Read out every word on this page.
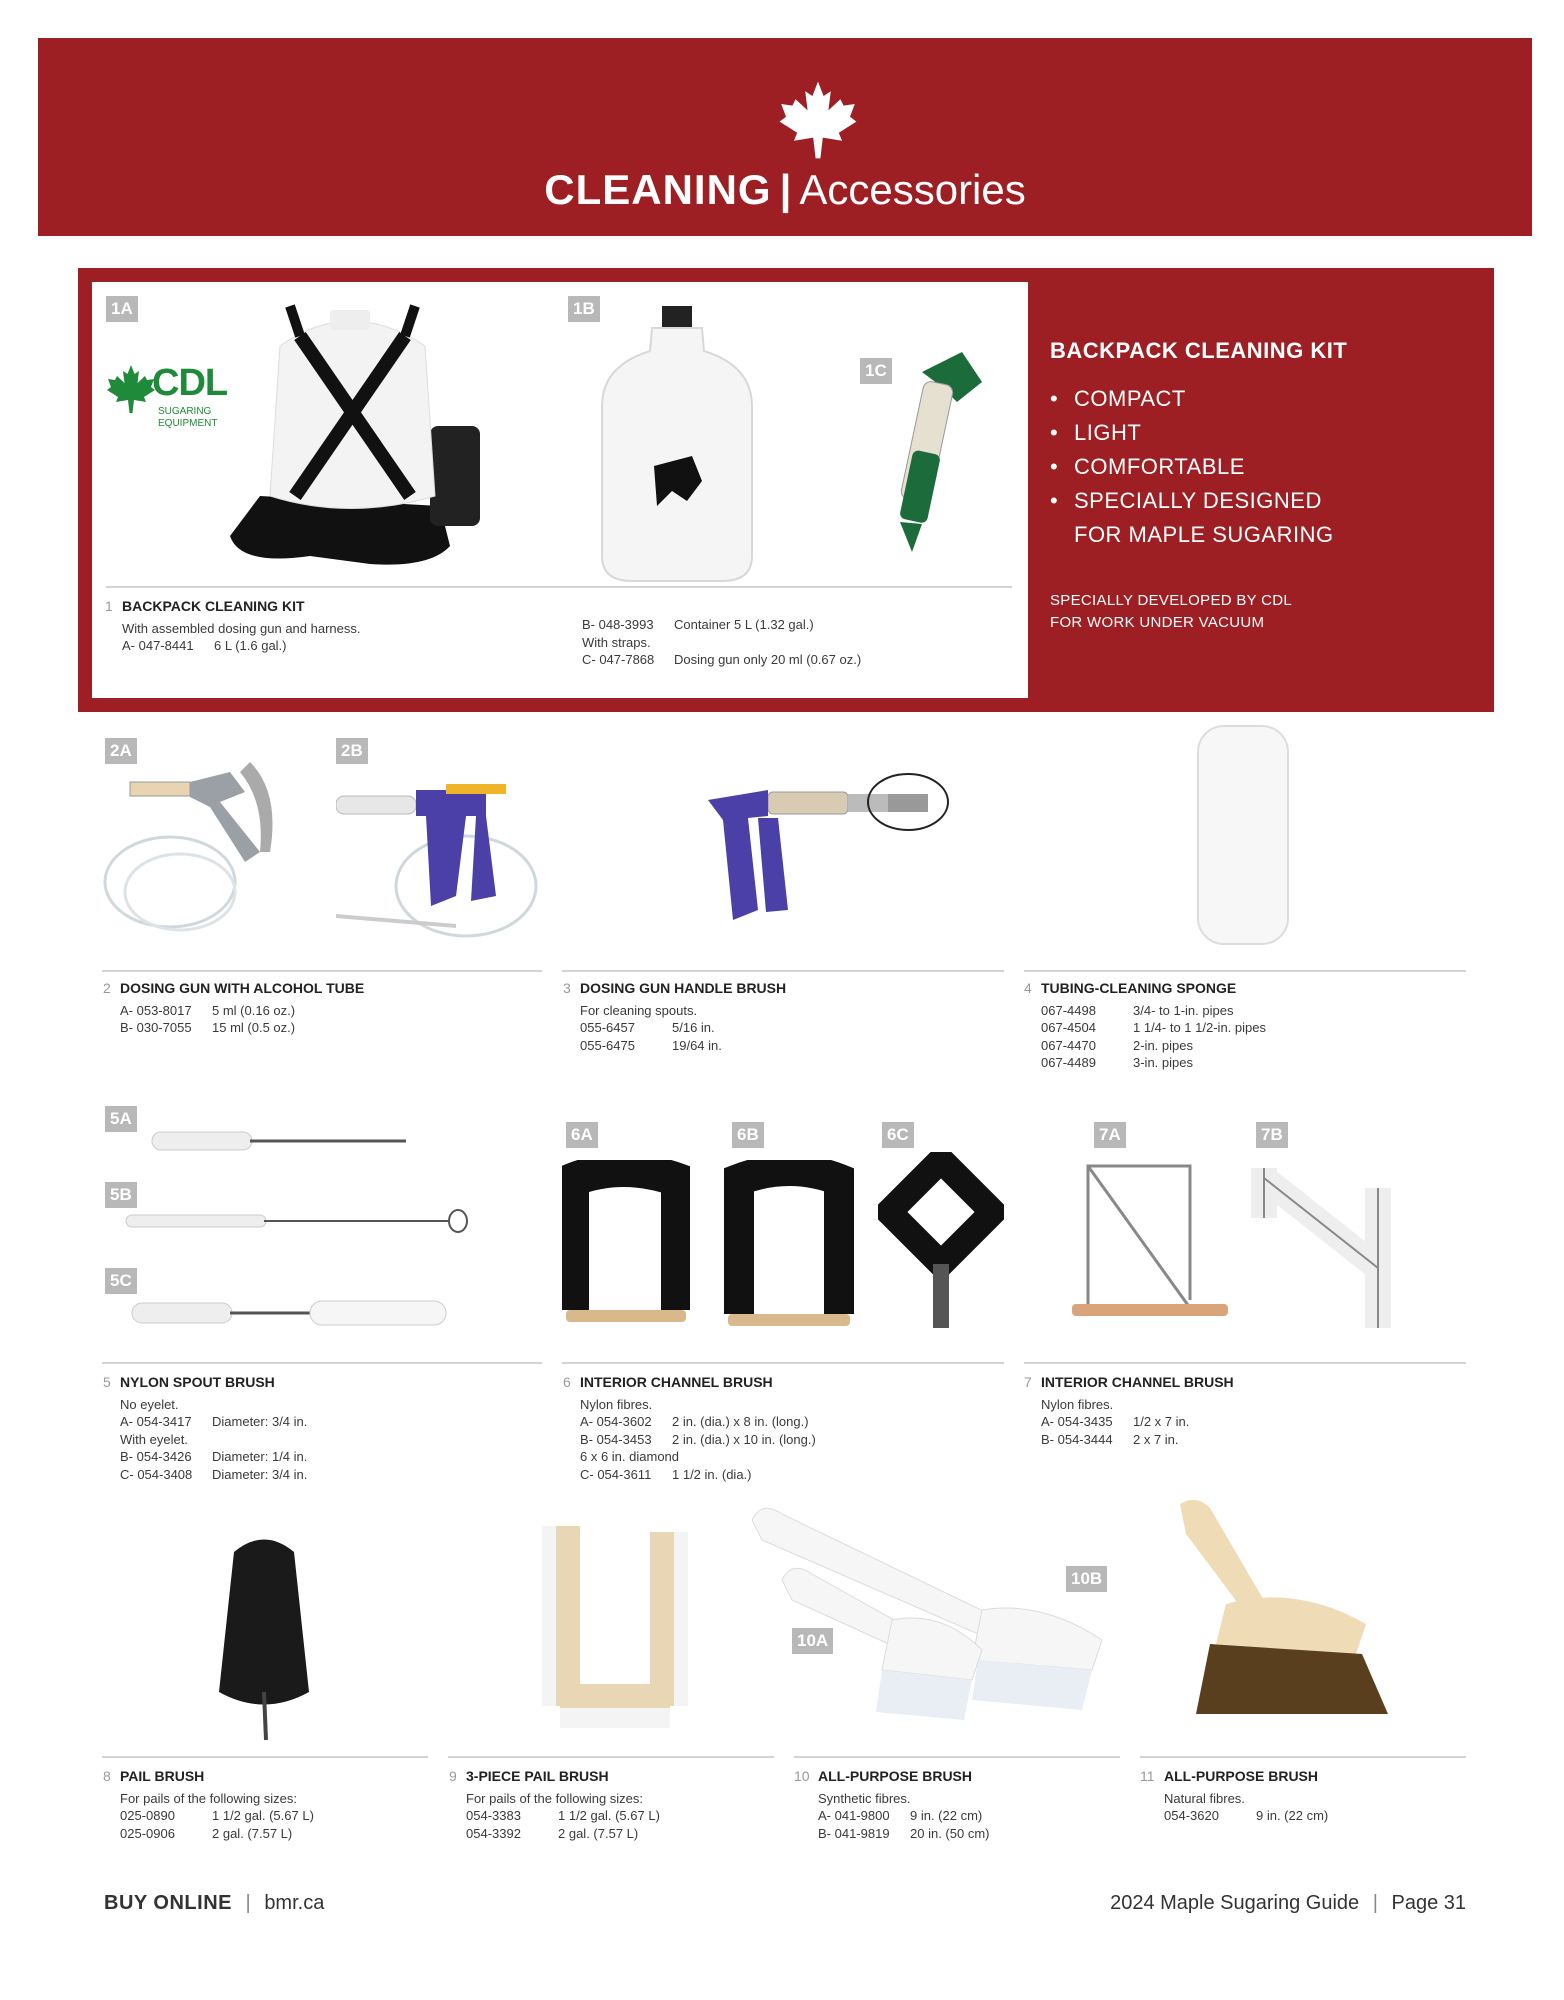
CLEANING | Accessories
1A	1B
1C
CDL
SUGARING
EQUIPMENT
1 BACKPACK CLEANING KIT
With assembled dosing gun and harness.
A- 047-8441 6 L (1.6 gal.)
B- 048-3993 Container 5 L (1.32 gal.)
With straps.
C- 047-7868 Dosing gun only 20 ml (0.67 oz.)
BACKPACK CLEANING KIT
• COMPACT
• LIGHT
• COMFORTABLE
• SPECIALLY DESIGNED
FOR MAPLE SUGARING
SPECIALLY DEVELOPED BY CDL
FOR WORK UNDER VACUUM
2A	2B
2 DOSING GUN WITH ALCOHOL TUBE
A- 053-8017 5 ml (0.16 oz.)
B- 030-7055 15 ml (0.5 oz.)
3 DOSING GUN HANDLE BRUSH
For cleaning spouts.
055-6457	5/16 in.
055-6475	19/64 in.
4 TUBING-CLEANING SPONGE
067-4498	3/4- to 1-in. pipes
067-4504	1 1/4- to 1 1/2-in. pipes
067-4470	2-in. pipes
067-4489	3-in. pipes
5A
5B
5C
6A	6B	6C	7A	7B
5 NYLON SPOUT BRUSH
No eyelet.
A- 054-3417 Diameter: 3/4 in.
With eyelet.
B- 054-3426 Diameter: 1/4 in.
C- 054-3408 Diameter: 3/4 in.
6 INTERIOR CHANNEL BRUSH
Nylon fibres.
A- 054-3602 2 in. (dia.) x 8 in. (long.)
B- 054-3453 2 in. (dia.) x 10 in. (long.)
6 x 6 in. diamond
C- 054-3611 1 1/2 in. (dia.)
7 INTERIOR CHANNEL BRUSH
Nylon fibres.
A- 054-3435 1/2 x 7 in.
B- 054-3444 2 x 7 in.
10B
10A
8 PAIL BRUSH
For pails of the following sizes:
025-0890	1 1/2 gal. (5.67 L)
025-0906	2 gal. (7.57 L)
9 3-PIECE PAIL BRUSH
For pails of the following sizes:
054-3383	1 1/2 gal. (5.67 L)
054-3392	2 gal. (7.57 L)
10 ALL-PURPOSE BRUSH
Synthetic fibres.
A- 041-9800 9 in. (22 cm)
B- 041-9819 20 in. (50 cm)
11 ALL-PURPOSE BRUSH
Natural fibres.
054-3620	9 in. (22 cm)
BUY ONLINE | bmr.ca	2024 Maple Sugaring Guide | Page 31
